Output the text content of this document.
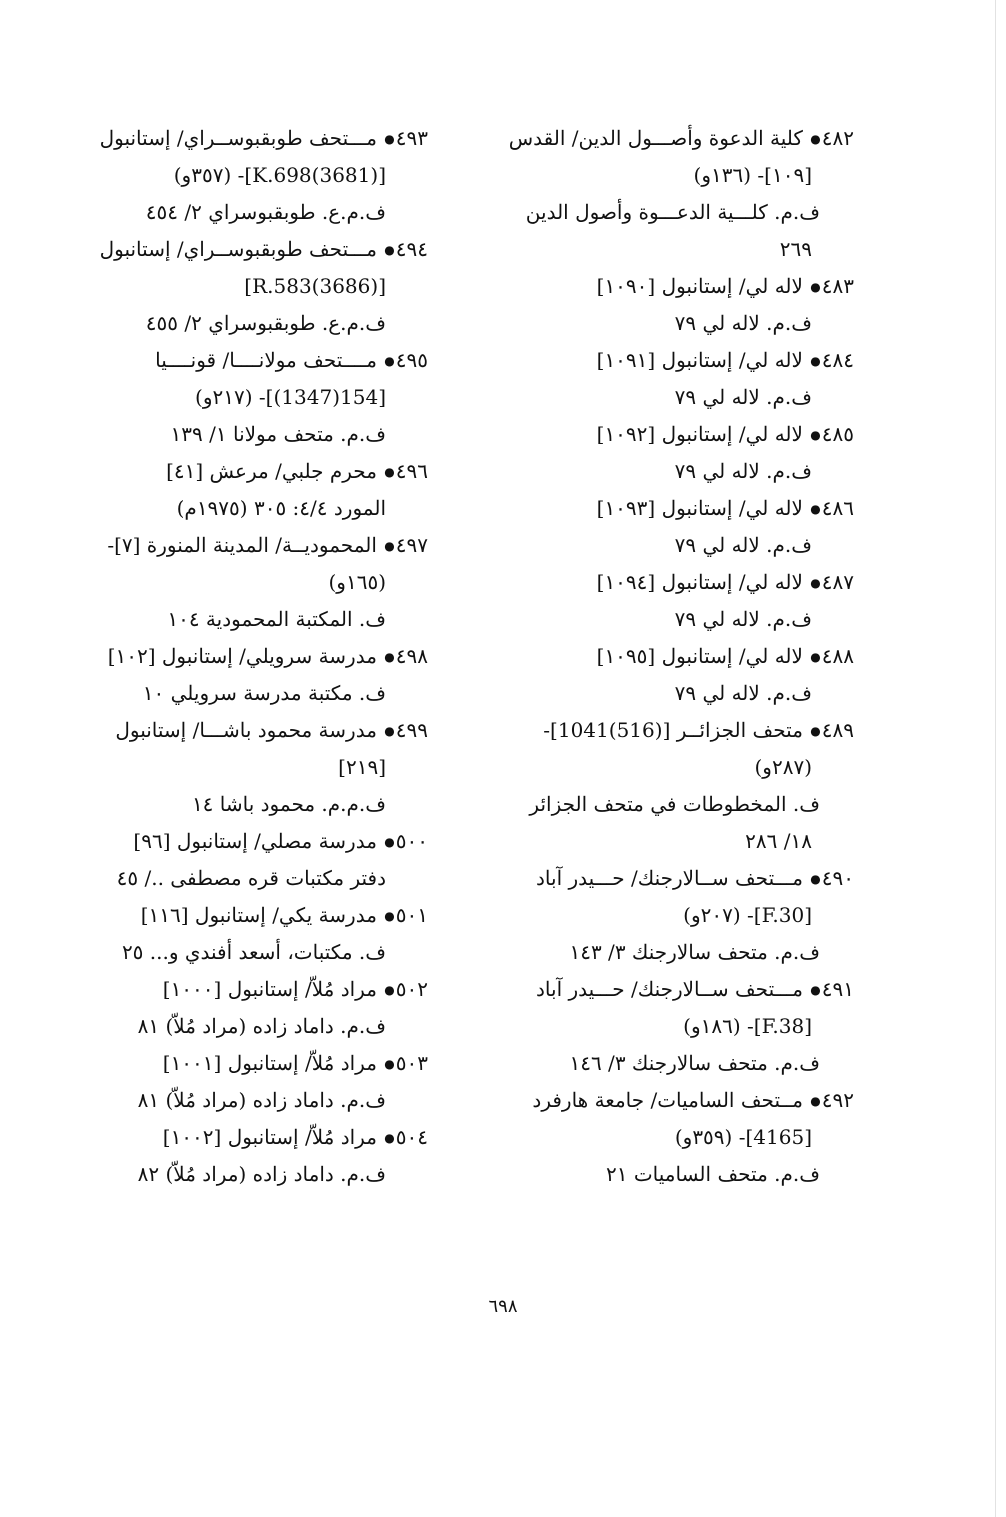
٤٨٢● كلية الدعوة وأصـــول الدين/ القدس
[١٠٩]- (١٣٦و)
ف.م. كلـــية الدعـــوة وأصول الدين
٢٦٩
٤٨٣● لاله لي/ إستانبول [١٠٩٠]
ف.م. لاله لي ٧٩
٤٨٤● لاله لي/ إستانبول [١٠٩١]
ف.م. لاله لي ٧٩
٤٨٥● لاله لي/ إستانبول [١٠٩٢]
ف.م. لاله لي ٧٩
٤٨٦● لاله لي/ إستانبول [١٠٩٣]
ف.م. لاله لي ٧٩
٤٨٧● لاله لي/ إستانبول [١٠٩٤]
ف.م. لاله لي ٧٩
٤٨٨● لاله لي/ إستانبول [١٠٩٥]
ف.م. لاله لي ٧٩
٤٨٩● متحف الجزائــر [(516)1041]-
(٢٨٧و)
ف. المخطوطات في متحف الجزائر
١٨/ ٢٨٦
٤٩٠● مـــتحف ســالارجنك/ حـــيدر آباد
[F.30]- (٢٠٧و)
ف.م. متحف سالارجنك ٣/ ١٤٣
٤٩١● مـــتحف ســالارجنك/ حـــيدر آباد
[F.38]- (١٨٦و)
ف.م. متحف سالارجنك ٣/ ١٤٦
٤٩٢● مــتحف الساميات/ جامعة هارفرد
[4165]- (٣٥٩و)
ف.م. متحف الساميات ٢١
٤٩٣● مـــتحف طوبقبوســراي/ إستانبول
[(3681)K.698]- (٣٥٧و)
ف.م.ع. طوبقبوسراي ٢/ ٤٥٤
٤٩٤● مـــتحف طوبقبوســراي/ إستانبول
[(3686)R.583]
ف.م.ع. طوبقبوسراي ٢/ ٤٥٥
٤٩٥● مــــتحف مولانــــا/ قونــــيا
[154(1347)]- (٢١٧و)
ف.م. متحف مولانا ١/ ١٣٩
٤٩٦● محرم جلبي/ مرعش [٤١]
المورد ٤/٤: ٣٠٥ (١٩٧٥م)
٤٩٧● المحموديــة/ المدينة المنورة [٧]-
(١٦٥و)
ف. المكتبة المحمودية ١٠٤
٤٩٨● مدرسة سرويلي/ إستانبول [١٠٢]
ف. مكتبة مدرسة سرويلي ١٠
٤٩٩● مدرسة محمود باشـــا/ إستانبول
[٢١٩]
ف.م.م. محمود باشا ١٤
٥٠٠● مدرسة مصلي/ إستانبول [٩٦]
دفتر مكتبات قره مصطفى ../ ٤٥
٥٠١● مدرسة يكي/ إستانبول [١١٦]
ف. مكتبات، أسعد أفندي و... ٢٥
٥٠٢● مراد مُلاّ/ إستانبول [١٠٠٠]
ف.م. داماد زاده (مراد مُلاّ) ٨١
٥٠٣● مراد مُلاّ/ إستانبول [١٠٠١]
ف.م. داماد زاده (مراد مُلاّ) ٨١
٥٠٤● مراد مُلاّ/ إستانبول [١٠٠٢]
ف.م. داماد زاده (مراد مُلاّ) ٨٢
٦٩٨
